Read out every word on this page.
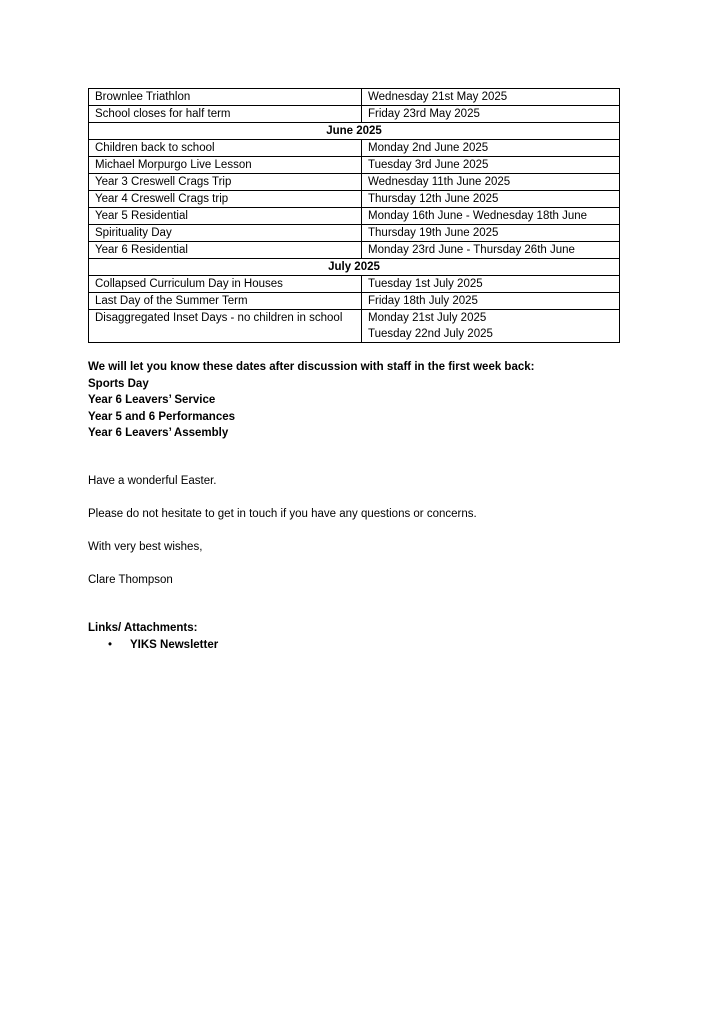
Brownlee Triathlon	Wednesday 21st May 2025

School closes for half term	Friday 23rd May 2025

June 2025	
Children back to school	Monday 2nd June 2025

Michael Morpurgo Live Lesson	Tuesday 3rd June 2025

Year 3 Creswell Crags Trip	Wednesday 11th June 2025

Year 4 Creswell Crags trip	Thursday 12th June 2025

Year 5 Residential	Monday 16th June - Wednesday 18th June

Spirituality Day	Thursday 19th June 2025

Year 6 Residential	Monday 23rd June - Thursday 26th June

July 2025	
Collapsed Curriculum Day in Houses	Tuesday 1st July 2025

Last Day of the Summer Term	Friday 18th July 2025

Disaggregated Inset Days - no children in school	Monday 21st July 2025
Tuesday 22nd July 2025
We will let you know these dates after discussion with staff in the first week back:
Sports Day
Year 6 Leavers’ Service
Year 5 and 6 Performances
Year 6 Leavers’ Assembly
Have a wonderful Easter.
Please do not hesitate to get in touch if you have any questions or concerns.
With very best wishes,
Clare Thompson
Links/ Attachments:
• YIKS Newsletter
